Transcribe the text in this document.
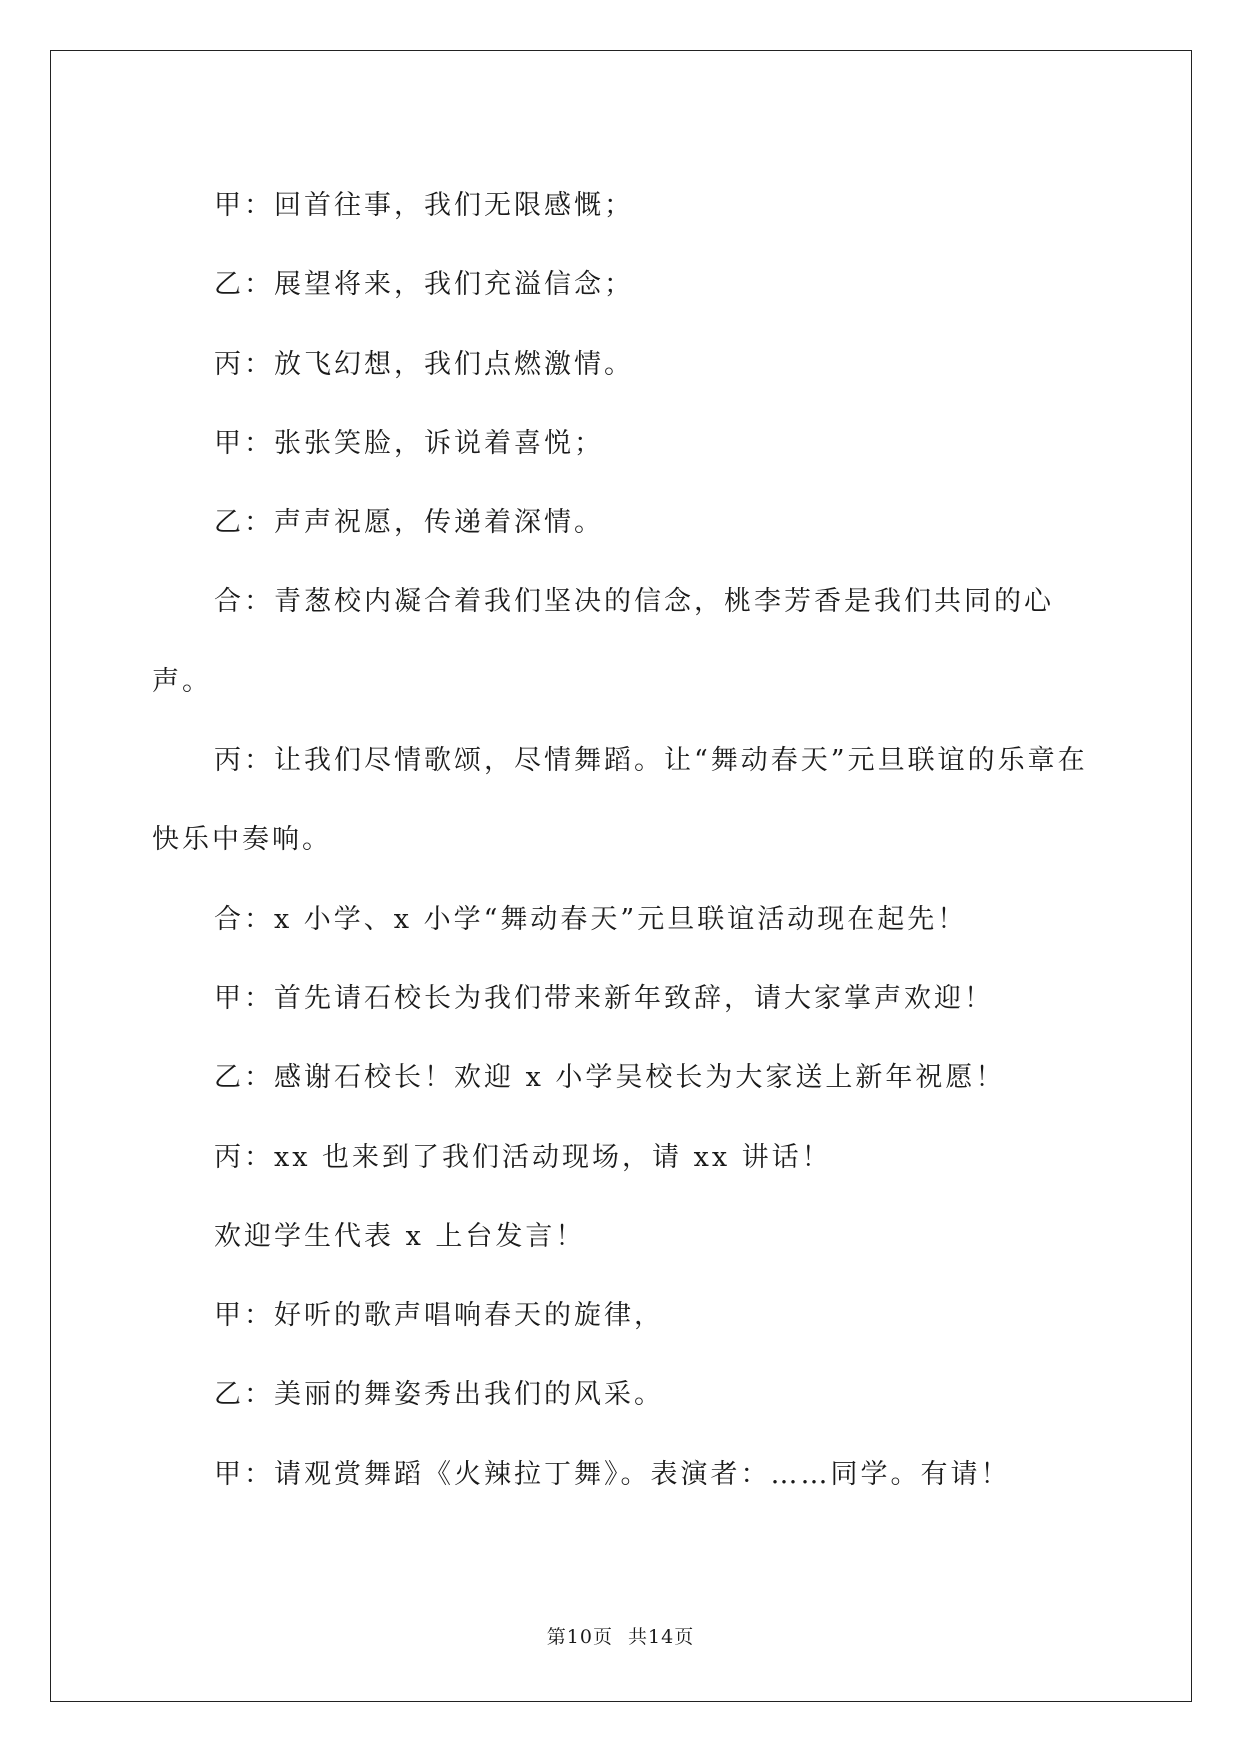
甲：回首往事，我们无限感慨；

乙：展望将来，我们充溢信念；

丙：放飞幻想，我们点燃激情。

甲：张张笑脸，诉说着喜悦；

乙：声声祝愿，传递着深情。

合：青葱校内凝合着我们坚决的信念，桃李芳香是我们共同的心声。

丙：让我们尽情歌颂，尽情舞蹈。让“舞动春天”元旦联谊的乐章在快乐中奏响。

合：x 小学、x 小学“舞动春天”元旦联谊活动现在起先！

甲：首先请石校长为我们带来新年致辞，请大家掌声欢迎！

乙：感谢石校长！欢迎 x 小学吴校长为大家送上新年祝愿！

丙：xx 也来到了我们活动现场，请 xx 讲话！

欢迎学生代表 x 上台发言！

甲：好听的歌声唱响春天的旋律，

乙：美丽的舞姿秀出我们的风采。

甲：请观赏舞蹈《火辣拉丁舞》。表演者：……同学。有请！

第10页 共14页
